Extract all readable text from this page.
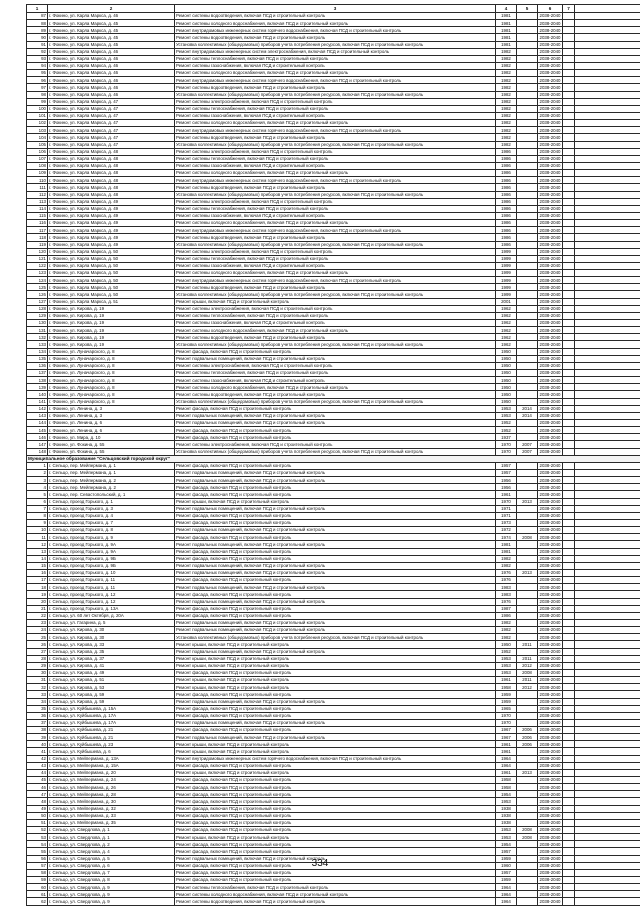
1	2	3	4	5	6	7	
87	г. Фокино, ул. Карла Маркса, д. 46	Ремонт системы водоотведения, включая ПСД и строительный контроль	1981		2038-2040		
88	г. Фокино, ул. Карла Маркса, д. 45	Ремонт системы холодного водоснабжения, включая ПСД и строительный контроль	1981		2038-2040		
89	г. Фокино, ул. Карла Маркса, д. 45	Ремонт внутридомовых инженерных систем горячего водоснабжения, включая ПСД и строительный контроль	1981		2038-2040		
90	г. Фокино, ул. Карла Маркса, д. 45	Ремонт системы водоотведения, включая ПСД и строительный контроль	1981		2038-2040		
91	г. Фокино, ул. Карла Маркса, д. 45	Установка коллективных (общедомовых) приборов учета потребления ресурсов, включая ПСД и строительный контроль	1981		2038-2040		
92	г. Фокино, ул. Карла Маркса, д. 46	Ремонт внутридомовых инженерных систем электроснабжения, включая ПСД и строительный контроль	1982		2038-2040		
93	г. Фокино, ул. Карла Маркса, д. 46	Ремонт системы теплоснабжения, включая ПСД и строительный контроль	1982		2038-2040		
94	г. Фокино, ул. Карла Маркса, д. 46	Ремонт системы газоснабжения, включая ПСД и строительный контроль	1982		2038-2040		
95	г. Фокино, ул. Карла Маркса, д. 46	Ремонт системы холодного водоснабжения, включая ПСД и строительный контроль	1982		2038-2040		
96	г. Фокино, ул. Карла Маркса, д. 46	Ремонт внутридомовых инженерных систем горячего водоснабжения, включая ПСД и строительный контроль	1982		2038-2040		
97	г. Фокино, ул. Карла Маркса, д. 46	Ремонт системы водоотведения, включая ПСД и строительный контроль	1982		2038-2040		
98	г. Фокино, ул. Карла Маркса, д. 46	Установка коллективных (общедомовых) приборов учета потребления ресурсов, включая ПСД и строительный контроль	1982		2038-2040		
99	г. Фокино, ул. Карла Маркса, д. 47	Ремонт системы электроснабжения, включая ПСД и строительный контроль	1982		2038-2040		
100	г. Фокино, ул. Карла Маркса, д. 47	Ремонт системы теплоснабжения, включая ПСД и строительный контроль	1982		2038-2040		
101	г. Фокино, ул. Карла Маркса, д. 47	Ремонт системы газоснабжения, включая ПСД и строительный контроль	1982		2038-2040		
102	г. Фокино, ул. Карла Маркса, д. 47	Ремонт системы холодного водоснабжения, включая ПСД и строительный контроль	1982		2038-2040		
103	г. Фокино, ул. Карла Маркса, д. 47	Ремонт внутридомовых инженерных систем горячего водоснабжения, включая ПСД и строительный контроль	1982		2038-2040		
104	г. Фокино, ул. Карла Маркса, д. 47	Ремонт системы водоотведения, включая ПСД и строительный контроль	1982		2038-2040		
105	г. Фокино, ул. Карла Маркса, д. 47	Установка коллективных (общедомовых) приборов учета потребления ресурсов, включая ПСД и строительный контроль	1982		2038-2040		
106	г. Фокино, ул. Карла Маркса, д. 48	Ремонт системы электроснабжения, включая ПСД и строительный контроль	1986		2038-2040		
107	г. Фокино, ул. Карла Маркса, д. 48	Ремонт системы теплоснабжения, включая ПСД и строительный контроль	1986		2038-2040		
108	г. Фокино, ул. Карла Маркса, д. 48	Ремонт системы газоснабжения, включая ПСД и строительный контроль	1986		2038-2040		
109	г. Фокино, ул. Карла Маркса, д. 48	Ремонт системы холодного водоснабжения, включая ПСД и строительный контроль	1986		2038-2040		
110	г. Фокино, ул. Карла Маркса, д. 48	Ремонт внутридомовых инженерных систем горячего водоснабжения, включая ПСД и строительный контроль	1986		2038-2040		
111	г. Фокино, ул. Карла Маркса, д. 48	Ремонт системы водоотведения, включая ПСД и строительный контроль	1986		2038-2040		
112	г. Фокино, ул. Карла Маркса, д. 48	Установка коллективных (общедомовых) приборов учета потребления ресурсов, включая ПСД и строительный контроль	1986		2038-2040		
113	г. Фокино, ул. Карла Маркса, д. 49	Ремонт системы электроснабжения, включая ПСД и строительный контроль	1986		2038-2040		
114	г. Фокино, ул. Карла Маркса, д. 49	Ремонт системы теплоснабжения, включая ПСД и строительный контроль	1986		2038-2040		
115	г. Фокино, ул. Карла Маркса, д. 49	Ремонт системы газоснабжения, включая ПСД и строительный контроль	1986		2038-2040		
116	г. Фокино, ул. Карла Маркса, д. 49	Ремонт системы холодного водоснабжения, включая ПСД и строительный контроль	1986		2038-2040		
117	г. Фокино, ул. Карла Маркса, д. 49	Ремонт внутридомовых инженерных систем горячего водоснабжения, включая ПСД и строительный контроль	1986		2038-2040		
118	г. Фокино, ул. Карла Маркса, д. 49	Ремонт системы водоотведения, включая ПСД и строительный контроль	1986		2038-2040		
119	г. Фокино, ул. Карла Маркса, д. 49	Установка коллективных (общедомовых) приборов учета потребления ресурсов, включая ПСД и строительный контроль	1986		2038-2040		
120	г. Фокино, ул. Карла Маркса, д. 50	Ремонт системы электроснабжения, включая ПСД и строительный контроль	1999		2038-2040		
121	г. Фокино, ул. Карла Маркса, д. 50	Ремонт системы теплоснабжения, включая ПСД и строительный контроль	1999		2038-2040		
122	г. Фокино, ул. Карла Маркса, д. 50	Ремонт системы газоснабжения, включая ПСД и строительный контроль	1999		2038-2040		
123	г. Фокино, ул. Карла Маркса, д. 50	Ремонт системы холодного водоснабжения, включая ПСД и строительный контроль	1999		2038-2040		
124	г. Фокино, ул. Карла Маркса, д. 50	Ремонт внутридомовых инженерных систем горячего водоснабжения, включая ПСД и строительный контроль	1999		2038-2040		
125	г. Фокино, ул. Карла Маркса, д. 50	Ремонт системы водоотведения, включая ПСД и строительный контроль	1999		2038-2040		
126	г. Фокино, ул. Карла Маркса, д. 50	Установка коллективных (общедомовых) приборов учета потребления ресурсов, включая ПСД и строительный контроль	1999		2038-2040		
127	г. Фокино, ул. Карла Маркса, д. 51	Ремонт крыши, включая ПСД и строительный контроль	2001		2038-2040		
128	г. Фокино, ул. Кирова, д. 19	Ремонт системы электроснабжения, включая ПСД и строительный контроль	1962		2038-2040		
129	г. Фокино, ул. Кирова, д. 19	Ремонт системы теплоснабжения, включая ПСД и строительный контроль	1962		2038-2040		
130	г. Фокино, ул. Кирова, д. 19	Ремонт системы газоснабжения, включая ПСД и строительный контроль	1962		2038-2040		
131	г. Фокино, ул. Кирова, д. 19	Ремонт системы холодного водоснабжения, включая ПСД и строительный контроль	1962		2038-2040		
132	г. Фокино, ул. Кирова, д. 19	Ремонт системы водоотведения, включая ПСД и строительный контроль	1962		2038-2040		
133	г. Фокино, ул. Кирова, д. 19	Установка коллективных (общедомовых) приборов учета потребления ресурсов, включая ПСД и строительный контроль	1962		2038-2040		
134	г. Фокино, ул. Луначарского, д. 8	Ремонт фасада, включая ПСД и строительный контроль	1950		2038-2040		
135	г. Фокино, ул. Луначарского, д. 8	Ремонт подвальных помещений, включая ПСД и строительный контроль	1950		2038-2040		
136	г. Фокино, ул. Луначарского, д. 8	Ремонт системы электроснабжения, включая ПСД и строительный контроль	1950		2038-2040		
137	г. Фокино, ул. Луначарского, д. 8	Ремонт системы теплоснабжения, включая ПСД и строительный контроль	1950		2038-2040		
138	г. Фокино, ул. Луначарского, д. 8	Ремонт системы газоснабжения, включая ПСД и строительный контроль	1950		2038-2040		
139	г. Фокино, ул. Луначарского, д. 8	Ремонт системы холодного водоснабжения, включая ПСД и строительный контроль	1950		2038-2040		
140	г. Фокино, ул. Луначарского, д. 8	Ремонт системы водоотведения, включая ПСД и строительный контроль	1950		2038-2040		
141	г. Фокино, ул. Луначарского, д. 8	Установка коллективных (общедомовых) приборов учета потребления ресурсов, включая ПСД и строительный контроль	1950		2038-2040		
142	г. Фокино, ул. Ленина, д. 3	Ремонт фасада, включая ПСД и строительный контроль	1953	2014	2038-2040		
143	г. Фокино, ул. Ленина, д. 3	Ремонт подвальных помещений, включая ПСД и строительный контроль	1953	2014	2038-2040		
144	г. Фокино, ул. Ленина, д. 6	Ремонт подвальных помещений, включая ПСД и строительный контроль	1952		2038-2040		
145	г. Фокино, ул. Ленина, д. 6	Ремонт фасада, включая ПСД и строительный контроль	1952		2038-2040		
146	г. Фокино, ул. Мира, д. 10	Ремонт фасада, включая ПСД и строительный контроль	1937		2038-2040		
147	г. Фокино, ул. Фокина, д. 55	Ремонт системы электроснабжения, включая ПСД и строительный контроль	1970	2007	2038-2040		
148	г. Фокино, ул. Фокина, д. 55	Установка коллективных (общедомовых) приборов учета потребления ресурсов, включая ПСД и строительный контроль	1970	2007	2038-2040		
Муниципальное образование "Сельцовский городской округ"							
1	г. Сельцо, пер. Мейпермана, д. 1	Ремонт фасада, включая ПСД и строительный контроль	1957		2038-2040		
2	г. Сельцо, пер. Мейпермана, д. 1	Ремонт подвальных помещений, включая ПСД и строительный контроль	1957		2038-2040		
3	г. Сельцо, пер. Мейпермана, д. 2	Ремонт подвальных помещений, включая ПСД и строительный контроль	1956		2038-2040		
4	г. Сельцо, пер. Мейпермана, д. 2	Ремонт фасада, включая ПСД и строительный контроль	1956		2038-2040		
5	г. Сельцо, пер. Севастопольский, д. 1	Ремонт фасада, включая ПСД и строительный контроль	1961		2038-2040		
6	г. Сельцо, проезд Горького, д. 1	Ремонт крыши, включая ПСД и строительный контроль	1970	2013	2038-2040		
7	г. Сельцо, проезд Горького, д. 3	Ремонт подвальных помещений, включая ПСД и строительный контроль	1971		2038-2040		
8	г. Сельцо, проезд Горького, д. 4	Ремонт фасада, включая ПСД и строительный контроль	1971		2038-2040		
9	г. Сельцо, проезд Горького, д. 7	Ремонт фасада, включая ПСД и строительный контроль	1973		2038-2040		
10	г. Сельцо, проезд Горького, д. 8	Ремонт подвальных помещений, включая ПСД и строительный контроль	1972		2038-2040		
11	г. Сельцо, проезд Горького, д. 9	Ремонт фасада, включая ПСД и строительный контроль	1974	2008	2038-2040		
12	г. Сельцо, проезд Горького, д. 9А	Ремонт подвальных помещений, включая ПСД и строительный контроль	1981		2038-2040		
13	г. Сельцо, проезд Горького, д. 9А	Ремонт фасада, включая ПСД и строительный контроль	1981		2038-2040		
14	г. Сельцо, проезд Горького, д. 9Б	Ремонт фасада, включая ПСД и строительный контроль	1982		2038-2040		
15	г. Сельцо, проезд Горького, д. 9Б	Ремонт подвальных помещений, включая ПСД и строительный контроль	1982		2038-2040		
16	г. Сельцо, проезд Горького, д. 10	Ремонт подвальных помещений, включая ПСД и строительный контроль	1976	2013	2038-2040		
17	г. Сельцо, проезд Горького, д. 11	Ремонт фасада, включая ПСД и строительный контроль	1976		2038-2040		
18	г. Сельцо, проезд Горького, д. 11	Ремонт подвальных помещений, включая ПСД и строительный контроль	1983		2038-2040		
19	г. Сельцо, проезд Горького, д. 12	Ремонт фасада, включая ПСД и строительный контроль	1983		2038-2040		
20	г. Сельцо, проезд Горького, д. 12	Ремонт подвальных помещений, включая ПСД и строительный контроль	1976		2038-2040		
21	г. Сельцо, проезд Горького, д. 13А	Ремонт фасада, включая ПСД и строительный контроль	1987		2038-2040		
22	г. Сельцо, ул. 60 лет Октября, д. 20А	Ремонт фасада, включая ПСД и строительный контроль	1986		2038-2040		
23	г. Сельцо, ул. Гагарина, д. 5	Ремонт подвальных помещений, включая ПСД и строительный контроль	1982		2038-2040		
24	г. Сельцо, ул. Кирова, д. 30	Ремонт подвальных помещений, включая ПСД и строительный контроль	1982		2038-2040		
25	г. Сельцо, ул. Кирова, д. 30	Установка коллективных (общедомовых) приборов учета потребления ресурсов, включая ПСД и строительный контроль	1982		2038-2040		
26	г. Сельцо, ул. Кирова, д. 33	Ремонт крыши, включая ПСД и строительный контроль	1950	2011	2038-2040		
27	г. Сельцо, ул. Кирова, д. 35	Ремонт подвальных помещений, включая ПСД и строительный контроль	1952		2038-2040		
28	г. Сельцо, ул. Кирова, д. 37	Ремонт крыши, включая ПСД и строительный контроль	1953	2011	2038-2040		
29	г. Сельцо, ул. Кирова, д. 41	Ремонт крыши, включая ПСД и строительный контроль	1953	2012	2038-2040		
30	г. Сельцо, ул. Кирова, д. 49	Ремонт фасада, включая ПСД и строительный контроль	1953	2008	2038-2040		
31	г. Сельцо, ул. Кирова, д. 51	Ремонт крыши, включая ПСД и строительный контроль	1961	2011	2038-2040		
32	г. Сельцо, ул. Кирова, д. 53	Ремонт крыши, включая ПСД и строительный контроль	1958	2012	2038-2040		
33	г. Сельцо, ул. Кирова, д. 59	Ремонт фасада, включая ПСД и строительный контроль	1959		2038-2040		
34	г. Сельцо, ул. Кирова, д. 59	Ремонт подвальных помещений, включая ПСД и строительный контроль	1959		2038-2040		
35	г. Сельцо, ул. Куйбышева, д. 15А	Ремонт фасада, включая ПСД и строительный контроль	1965		2038-2040		
36	г. Сельцо, ул. Куйбышева, д. 17А	Ремонт фасада, включая ПСД и строительный контроль	1970		2038-2040		
37	г. Сельцо, ул. Куйбышева, д. 17А	Ремонт подвальных помещений, включая ПСД и строительный контроль	1970		2038-2040		
38	г. Сельцо, ул. Куйбышева, д. 21	Ремонт фасада, включая ПСД и строительный контроль	1967	2006	2038-2040		
39	г. Сельцо, ул. Куйбышева, д. 21	Ремонт подвальных помещений, включая ПСД и строительный контроль	1967	2006	2038-2040		
40	г. Сельцо, ул. Куйбышева, д. 23	Ремонт крыши, включая ПСД и строительный контроль	1961	2006	2038-2040		
41	г. Сельцо, ул. Куйбышева, д. 6	Ремонт крыши, включая ПСД и строительный контроль	1961		2038-2040		
42	г. Сельцо, ул. Мейпермана, д. 13А	Ремонт внутридомовых инженерных систем горячего водоснабжения, включая ПСД и строительный контроль	1964		2038-2040		
43	г. Сельцо, ул. Мейпермана, д. 15А	Ремонт фасада, включая ПСД и строительный контроль	1964		2038-2040		
44	г. Сельцо, ул. Мейпермана, д. 20	Ремонт крыши, включая ПСД и строительный контроль	1961	2013	2038-2040		
45	г. Сельцо, ул. Мейпермана, д. 24	Ремонт фасада, включая ПСД и строительный контроль	1958		2038-2040		
46	г. Сельцо, ул. Мейпермана, д. 26	Ремонт фасада, включая ПСД и строительный контроль	1958		2038-2040		
47	г. Сельцо, ул. Мейпермана, д. 28	Ремонт фасада, включая ПСД и строительный контроль	1954		2038-2040		
48	г. Сельцо, ул. Мейпермана, д. 30	Ремонт фасада, включая ПСД и строительный контроль	1953		2038-2040		
49	г. Сельцо, ул. Мейпермана, д. 32	Ремонт фасада, включая ПСД и строительный контроль	1938		2038-2040		
50	г. Сельцо, ул. Мейпермана, д. 33	Ремонт фасада, включая ПСД и строительный контроль	1938		2038-2040		
51	г. Сельцо, ул. Мейпермана, д. 35	Ремонт фасада, включая ПСД и строительный контроль	1938		2038-2040		
52	г. Сельцо, ул. Свердлова, д. 1	Ремонт фасада, включая ПСД и строительный контроль	1953	2008	2038-2040		
53	г. Сельцо, ул. Свердлова, д. 1	Ремонт крыши, включая ПСД и строительный контроль	1953	2008	2038-2040		
54	г. Сельцо, ул. Свердлова, д. 2	Ремонт фасада, включая ПСД и строительный контроль	1954		2038-2040		
55	г. Сельцо, ул. Свердлова, д. 4	Ремонт фасада, включая ПСД и строительный контроль	1957		2038-2040		
56	г. Сельцо, ул. Свердлова, д. 5	Ремонт подвальных помещений, включая ПСД и строительный контроль	1959		2038-2040		
57	г. Сельцо, ул. Свердлова, д. 6	Ремонт фасада, включая ПСД и строительный контроль	1960		2038-2040		
58	г. Сельцо, ул. Свердлова, д. 7	Ремонт фасада, включая ПСД и строительный контроль	1957		2038-2040		
59	г. Сельцо, ул. Свердлова, д. 8	Ремонт фасада, включая ПСД и строительный контроль	1959		2038-2040		
60	г. Сельцо, ул. Свердлова, д. 9	Ремонт системы теплоснабжения, включая ПСД и строительный контроль	1964		2038-2040		
61	г. Сельцо, ул. Свердлова, д. 9	Ремонт системы холодного водоснабжения, включая ПСД и строительный контроль	1964		2038-2040		
62	г. Сельцо, ул. Свердлова, д. 9	Ремонт системы водоотведения, включая ПСД и строительный контроль	1964		2038-2040		
334
